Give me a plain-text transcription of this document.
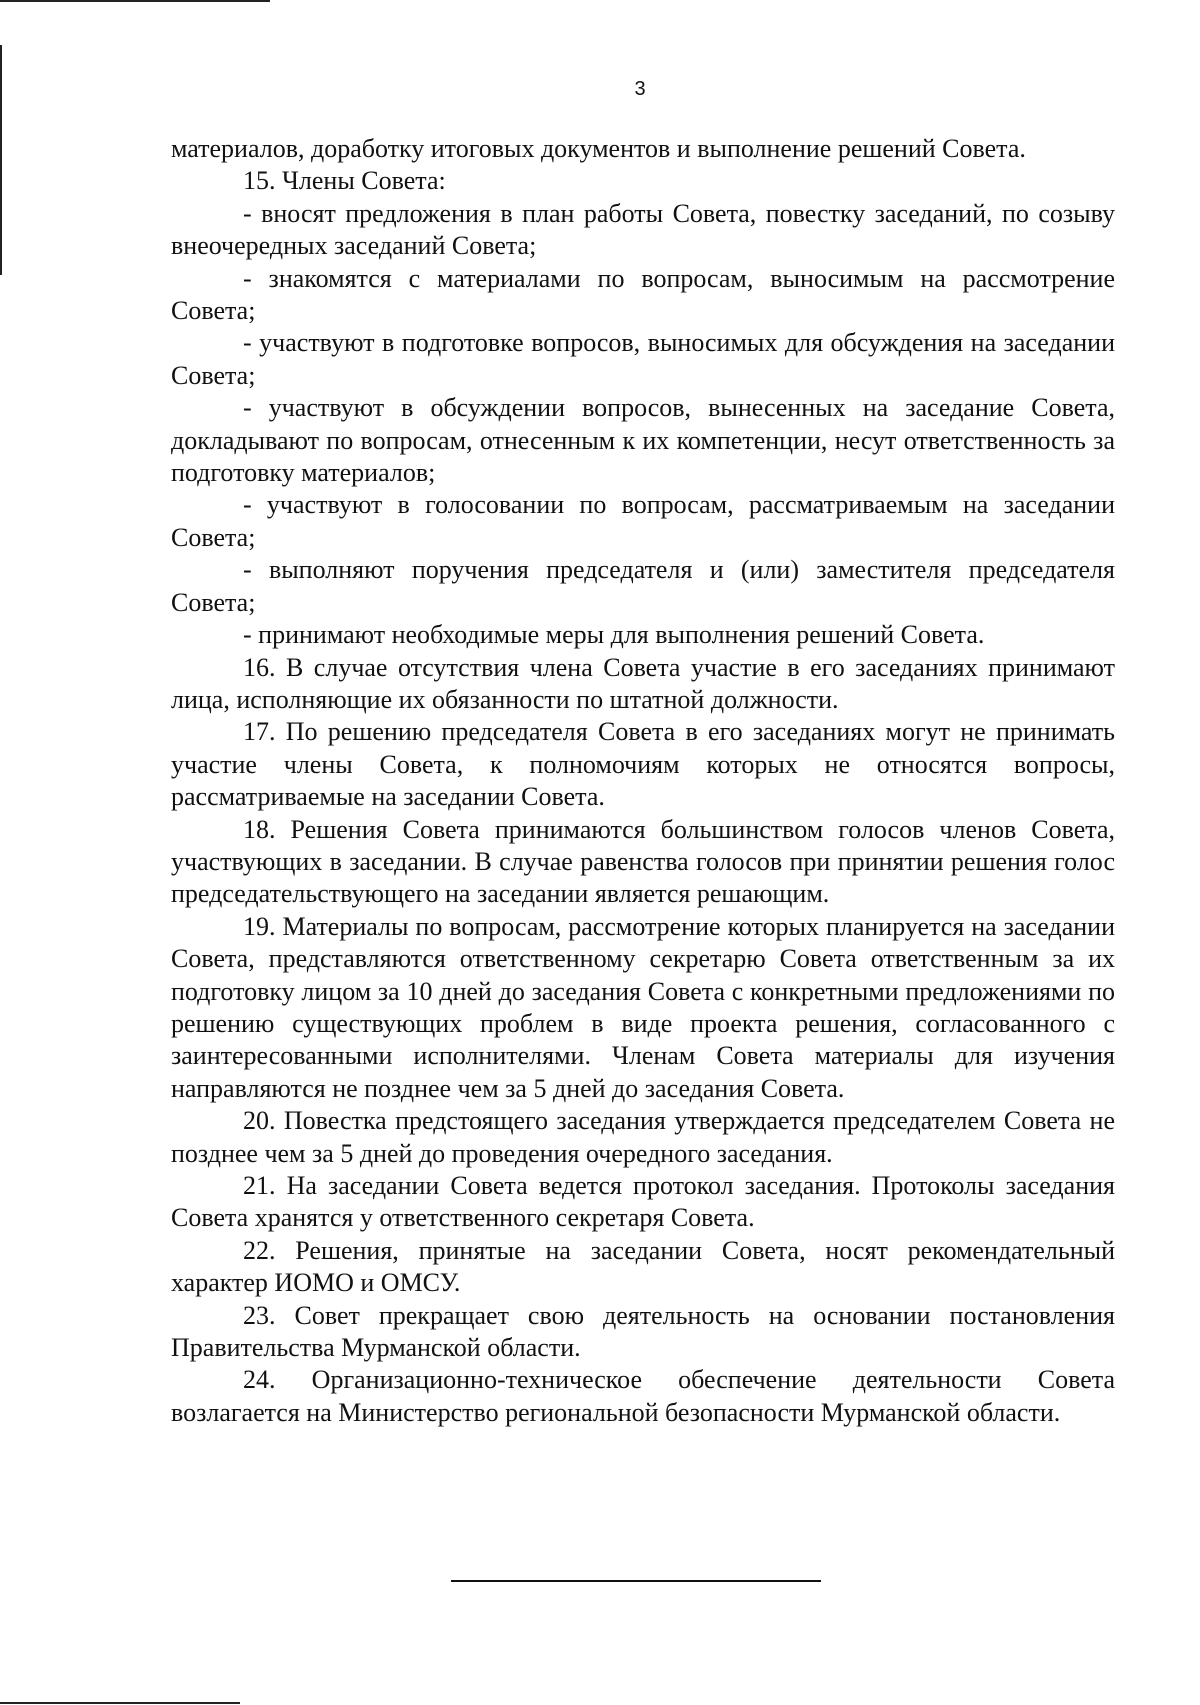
3

материалов, доработку итоговых документов и выполнение решений Совета.

15. Члены Совета:

- вносят предложения в план работы Совета, повестку заседаний, по созыву внеочередных заседаний Совета;

- знакомятся с материалами по вопросам, выносимым на рассмотрение Совета;

- участвуют в подготовке вопросов, выносимых для обсуждения на заседании Совета;

- участвуют в обсуждении вопросов, вынесенных на заседание Совета, докладывают по вопросам, отнесенным к их компетенции, несут ответственность за подготовку материалов;

- участвуют в голосовании по вопросам, рассматриваемым на заседании Совета;

- выполняют поручения председателя и (или) заместителя председателя Совета;

- принимают необходимые меры для выполнения решений Совета.

16. В случае отсутствия члена Совета участие в его заседаниях принимают лица, исполняющие их обязанности по штатной должности.

17. По решению председателя Совета в его заседаниях могут не принимать участие члены Совета, к полномочиям которых не относятся вопросы, рассматриваемые на заседании Совета.

18. Решения Совета принимаются большинством голосов членов Совета, участвующих в заседании. В случае равенства голосов при принятии решения голос председательствующего на заседании является решающим.

19. Материалы по вопросам, рассмотрение которых планируется на заседании Совета, представляются ответственному секретарю Совета ответственным за их подготовку лицом за 10 дней до заседания Совета с конкретными предложениями по решению существующих проблем в виде проекта решения, согласованного с заинтересованными исполнителями. Членам Совета материалы для изучения направляются не позднее чем за 5 дней до заседания Совета.

20. Повестка предстоящего заседания утверждается председателем Совета не позднее чем за 5 дней до проведения очередного заседания.

21. На заседании Совета ведется протокол заседания. Протоколы заседания Совета хранятся у ответственного секретаря Совета.

22. Решения, принятые на заседании Совета, носят рекомендательный характер ИОМО и ОМСУ.

23. Совет прекращает свою деятельность на основании постановления Правительства Мурманской области.

24. Организационно-техническое обеспечение деятельности Совета возлагается на Министерство региональной безопасности Мурманской области.
